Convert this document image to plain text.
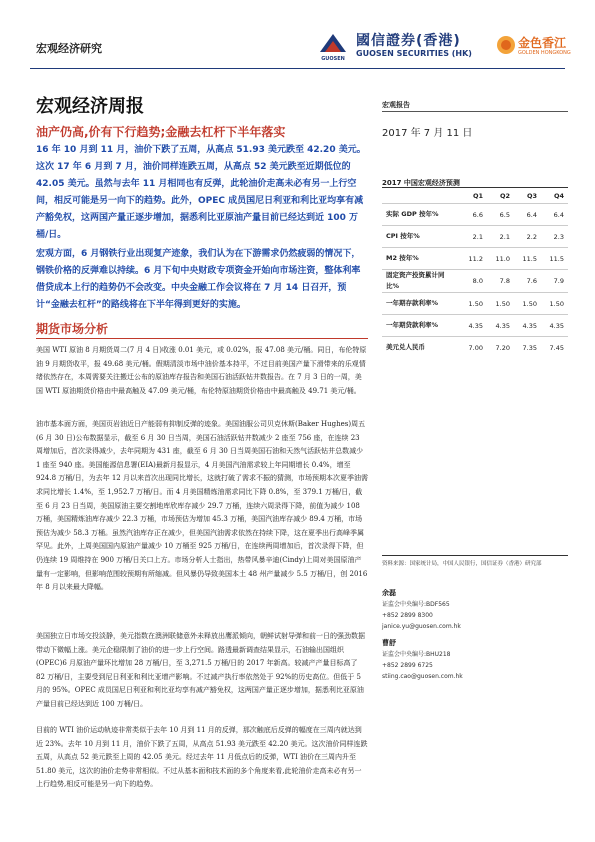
宏观经济研究
GUOSEN
國信證券(香港)
GUOSEN SECURITIES (HK)
金色香江
GOLDEN HONGKONG
宏观经济周报
油产仍高,价有下行趋势;金融去杠杆下半年落实
宏观报告
2017 年 7 月 11 日

16 年 10 月到 11 月，油价下跌了五周，从高点 51.93 美元跌至 42.20 美元。这次 17 年 6 月到 7 月，油价同样连跌五周，从高点 52 美元跌至近期低位的 42.05 美元。虽然与去年 11 月相同也有反弹，此轮油价走高未必有另一上行空间，相反可能是另一向下的趋势。此外，OPEC 成员国尼日利亚和利比亚均享有减产豁免权，这两国产量正逐步增加，据悉利比亚原油产量目前已经达到近 100 万桶/日。

宏观方面，6 月钢铁行业出现复产迹象，我们认为在下游需求仍然疲弱的情况下，钢铁价格的反弹难以持续。6 月下旬中央财政专项资金开始向市场注资，整体利率借贷成本上行的趋势仍不会改变。中央金融工作会议将在 7 月 14 日召开，预计“金融去杠杆”的路线将在下半年得到更好的实施。

期货市场分析

美国 WTI 原油 8 月期货周二(7 月 4 日)收涨 0.01 美元，或 0.02%，报 47.08 美元/桶。同日，布伦特原油 9 月期货收平，报 49.68 美元/桶。假期清淡市场中油价基本持平，不过目前美国产量下滑带来的乐观情绪依然存在，本周需要关注搬迁公布的原油库存报告和美国石油活跃钻井数报告。在 7 月 3 日的一周，美国 WTI 原油期货价格由中最高触及 47.09 美元/桶，布伦特原油期货价格由中最高触及 49.71 美元/桶。

油市基本面方面，美国页岩油近日产能弱有抑制反弹的迹象。美国油服公司贝克休斯(Baker Hughes)周五(6 月 30 日)公布数据显示，截至 6 月 30 日当周，美国石油活跃钻井数减少 2 座至 756 座，在连续 23 周增加后，首次录得减少，去年同期为 431 座，截至 6 月 30 日当周美国石油和天然气活跃钻井总数减少 1 座至 940 座。美国能源信息署(EIA)最新月报显示，4 月美国汽油需求较上年同期增长 0.4%，增至 924.8 万桶/日，为去年 12 月以来首次出现同比增长，这就打破了需求不振的猜测，市场预期本次夏季油需求同比增长 1.4%，至 1,952.7 万桶/日。而 4 月美国精炼油需求同比下降 0.8%，至 379.1 万桶/日，截至 6 月 23 日当周，美国原油主要交割地库欣库存减少 29.7 万桶，连续六周录得下降，前值为减少 108 万桶，美国精炼油库存减少 22.3 万桶，市场预估为增加 45.3 万桶，美国汽油库存减少 89.4 万桶，市场预估为减少 58.3 万桶。虽然汽油库存正在减少，但美国汽油需求依然在持续下降，这在夏季出行高峰季属罕见。此外，上周美国国内原油产量减少 10 万桶至 925 万桶/日，在连续两周增加后，首次录得下降，但仍连续 19 周维持在 900 万桶/日关口上方。市场分析人士指出，热带风暴辛迪(Cindy)上周对美国原油产量有一定影响，但影响范围较预期有所缩减。但风暴仍导致美国本土 48 州产量减少 5.5 万桶/日，创 2016 年 8 月以来最大降幅。

美国独立日市场交投淡静，美元指数在澳洲联储意外未释放出鹰派倾向，朝鲜试射导弹和前一日的强劲数据带动下微幅上涨。美元企稳限制了油价的进一步上行空间。路透最新调查结果显示，石油输出国组织(OPEC)6 月原油产量环比增加 28 万桶/日，至 3,271.5 万桶/日的 2017 年新高。较减产产量目标高了 82 万桶/日，主要受到尼日利亚和利比亚增产影响。不过减产执行率依然处于 92%的历史高位。但低于 5 月的 95%。OPEC 成员国尼日利亚和利比亚均享有减产豁免权，这两国产量正逐步增加，据悉利比亚原油产量目前已经达到近 100 万桶/日。

目前的 WTI 油价运动轨迹非常类似于去年 10 月到 11 月的反弹，那次触底后反弹的幅度在三周内就达到近 23%。去年 10 月到 11 月，油价下跌了五周，从高点 51.93 美元跌至 42.20 美元。这次油价同样连跌五周，从高点 52 美元跌至上周的 42.05 美元。经过去年 11 月低点后的反弹，WTI 油价在三周内升至 51.80 美元，这次的油价走势非常相似。不过从基本面和技术面的多个角度来看,此轮油价走高未必有另一上行趋势,相反可能是另一向下的趋势。

2017 中国宏观经济预测
	Q1	Q2	Q3	Q4
实际 GDP 按年%	6.6	6.5	6.4	6.4
CPI 按年%	2.1	2.1	2.2	2.3
M2 按年%	11.2	11.0	11.5	11.5
固定资产投资累计同比%	8.0	7.8	7.6	7.9
一年期存款利率%	1.50	1.50	1.50	1.50
一年期贷款利率%	4.35	4.35	4.35	4.35
美元兑人民币	7.00	7.20	7.35	7.45
资料来源：国家统计局，中国人民银行，国信证券（香港）研究部
余磊
证监会中央编号:BDF565
+852 2899 8300
janice.yu@guosen.com.hk
曹舒
证监会中央编号:BHU218
+852 2899 6725
stiing.cao@guosen.com.hk
